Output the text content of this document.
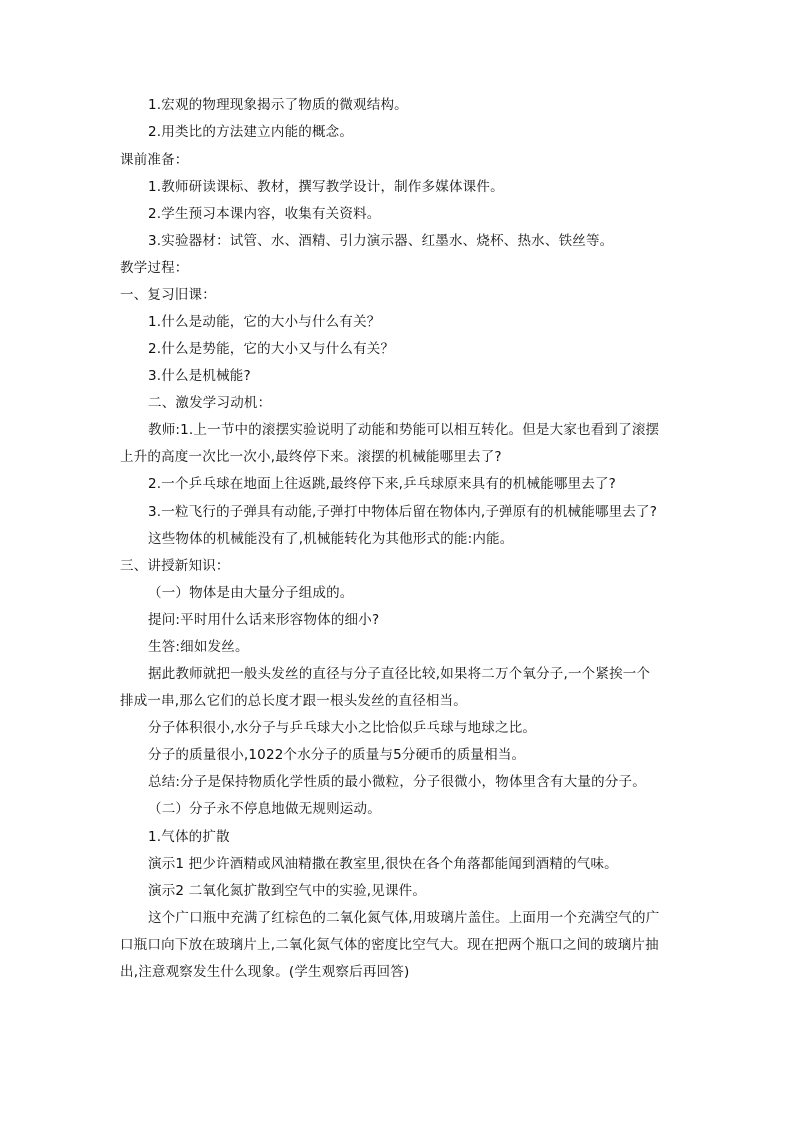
1.宏观的物理现象揭示了物质的微观结构。
2.用类比的方法建立内能的概念。
课前准备：
1.教师研读课标、教材，撰写教学设计，制作多媒体课件。
2.学生预习本课内容，收集有关资料。
3.实验器材：试管、水、酒精、引力演示器、红墨水、烧杯、热水、铁丝等。
教学过程：
一、复习旧课：
1.什么是动能，它的大小与什么有关？
2.什么是势能，它的大小又与什么有关？
3.什么是机械能?
二、激发学习动机：
教师:1.上一节中的滚摆实验说明了动能和势能可以相互转化。但是大家也看到了滚摆
上升的高度一次比一次小,最终停下来。滚摆的机械能哪里去了?
2.一个乒乓球在地面上往返跳,最终停下来,乒乓球原来具有的机械能哪里去了?
3.一粒飞行的子弹具有动能,子弹打中物体后留在物体内,子弹原有的机械能哪里去了?
这些物体的机械能没有了,机械能转化为其他形式的能:内能。
三、讲授新知识：
（一）物体是由大量分子组成的。
提问:平时用什么话来形容物体的细小?
生答:细如发丝。
据此教师就把一般头发丝的直径与分子直径比较,如果将二万个氧分子,一个紧挨一个
排成一串,那么它们的总长度才跟一根头发丝的直径相当。
分子体积很小,水分子与乒乓球大小之比恰似乒乓球与地球之比。
分子的质量很小,1022个水分子的质量与5分硬币的质量相当。
总结:分子是保持物质化学性质的最小微粒，分子很微小，物体里含有大量的分子。
（二）分子永不停息地做无规则运动。
1.气体的扩散
演示1 把少许酒精或风油精撒在教室里,很快在各个角落都能闻到酒精的气味。
演示2 二氧化氮扩散到空气中的实验,见课件。
这个广口瓶中充满了红棕色的二氧化氮气体,用玻璃片盖住。上面用一个充满空气的广
口瓶口向下放在玻璃片上,二氧化氮气体的密度比空气大。现在把两个瓶口之间的玻璃片抽
出,注意观察发生什么现象。(学生观察后再回答)
